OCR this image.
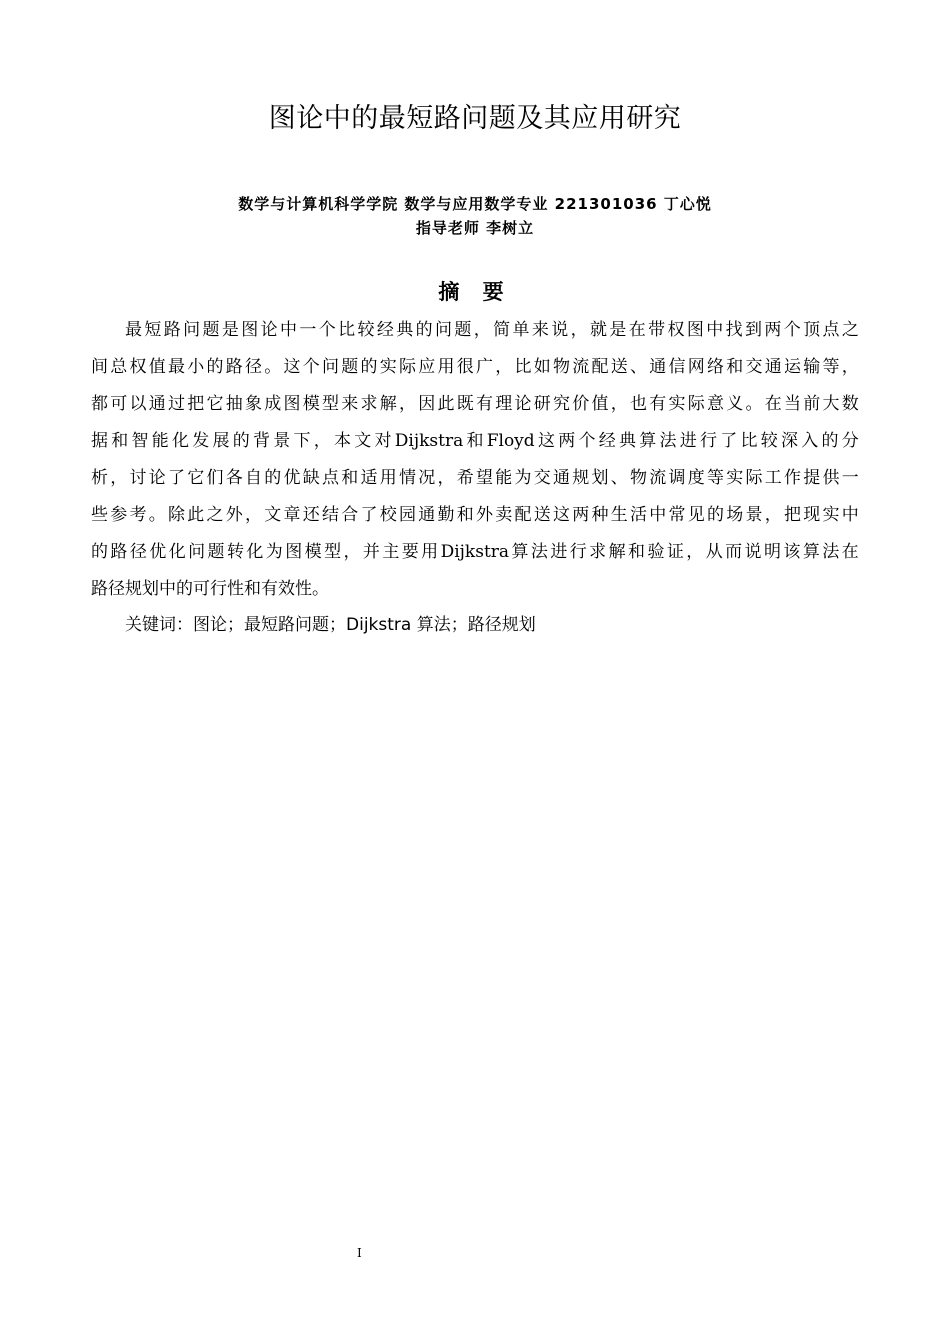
图论中的最短路问题及其应用研究
数学与计算机科学学院 数学与应用数学专业 221301036 丁心悦
指导老师 李树立
摘 要
最 短 路 问 题 是 图 论 中 一 个 比 较 经 典 的 问 题 ， 简 单 来 说 ， 就 是 在 带 权 图 中 找 到 两 个 顶 点 之
间 总 权 值 最 小 的 路 径 。 这 个 问 题 的 实 际 应 用 很 广 ， 比 如 物 流 配 送 、 通 信 网 络 和 交 通 运 输 等 ，
都 可 以 通 过 把 它 抽 象 成 图 模 型 来 求 解 ， 因 此 既 有 理 论 研 究 价 值 ， 也 有 实 际 意 义 。 在 当 前 大 数
据 和 智 能 化 发 展 的 背 景 下 ， 本 文 对 Dijkstra 和 Floyd 这 两 个 经 典 算 法 进 行 了 比 较 深 入 的 分
析 ， 讨 论 了 它 们 各 自 的 优 缺 点 和 适 用 情 况 ， 希 望 能 为 交 通 规 划 、 物 流 调 度 等 实 际 工 作 提 供 一
些 参 考 。 除 此 之 外 ， 文 章 还 结 合 了 校 园 通 勤 和 外 卖 配 送 这 两 种 生 活 中 常 见 的 场 景 ， 把 现 实 中
的 路 径 优 化 问 题 转 化 为 图 模 型 ， 并 主 要 用 Dijkstra 算 法 进 行 求 解 和 验 证 ， 从 而 说 明 该 算 法 在
路径规划中的可行性和有效性。
关键词：图论；最短路问题；Dijkstra 算法；路径规划
I
